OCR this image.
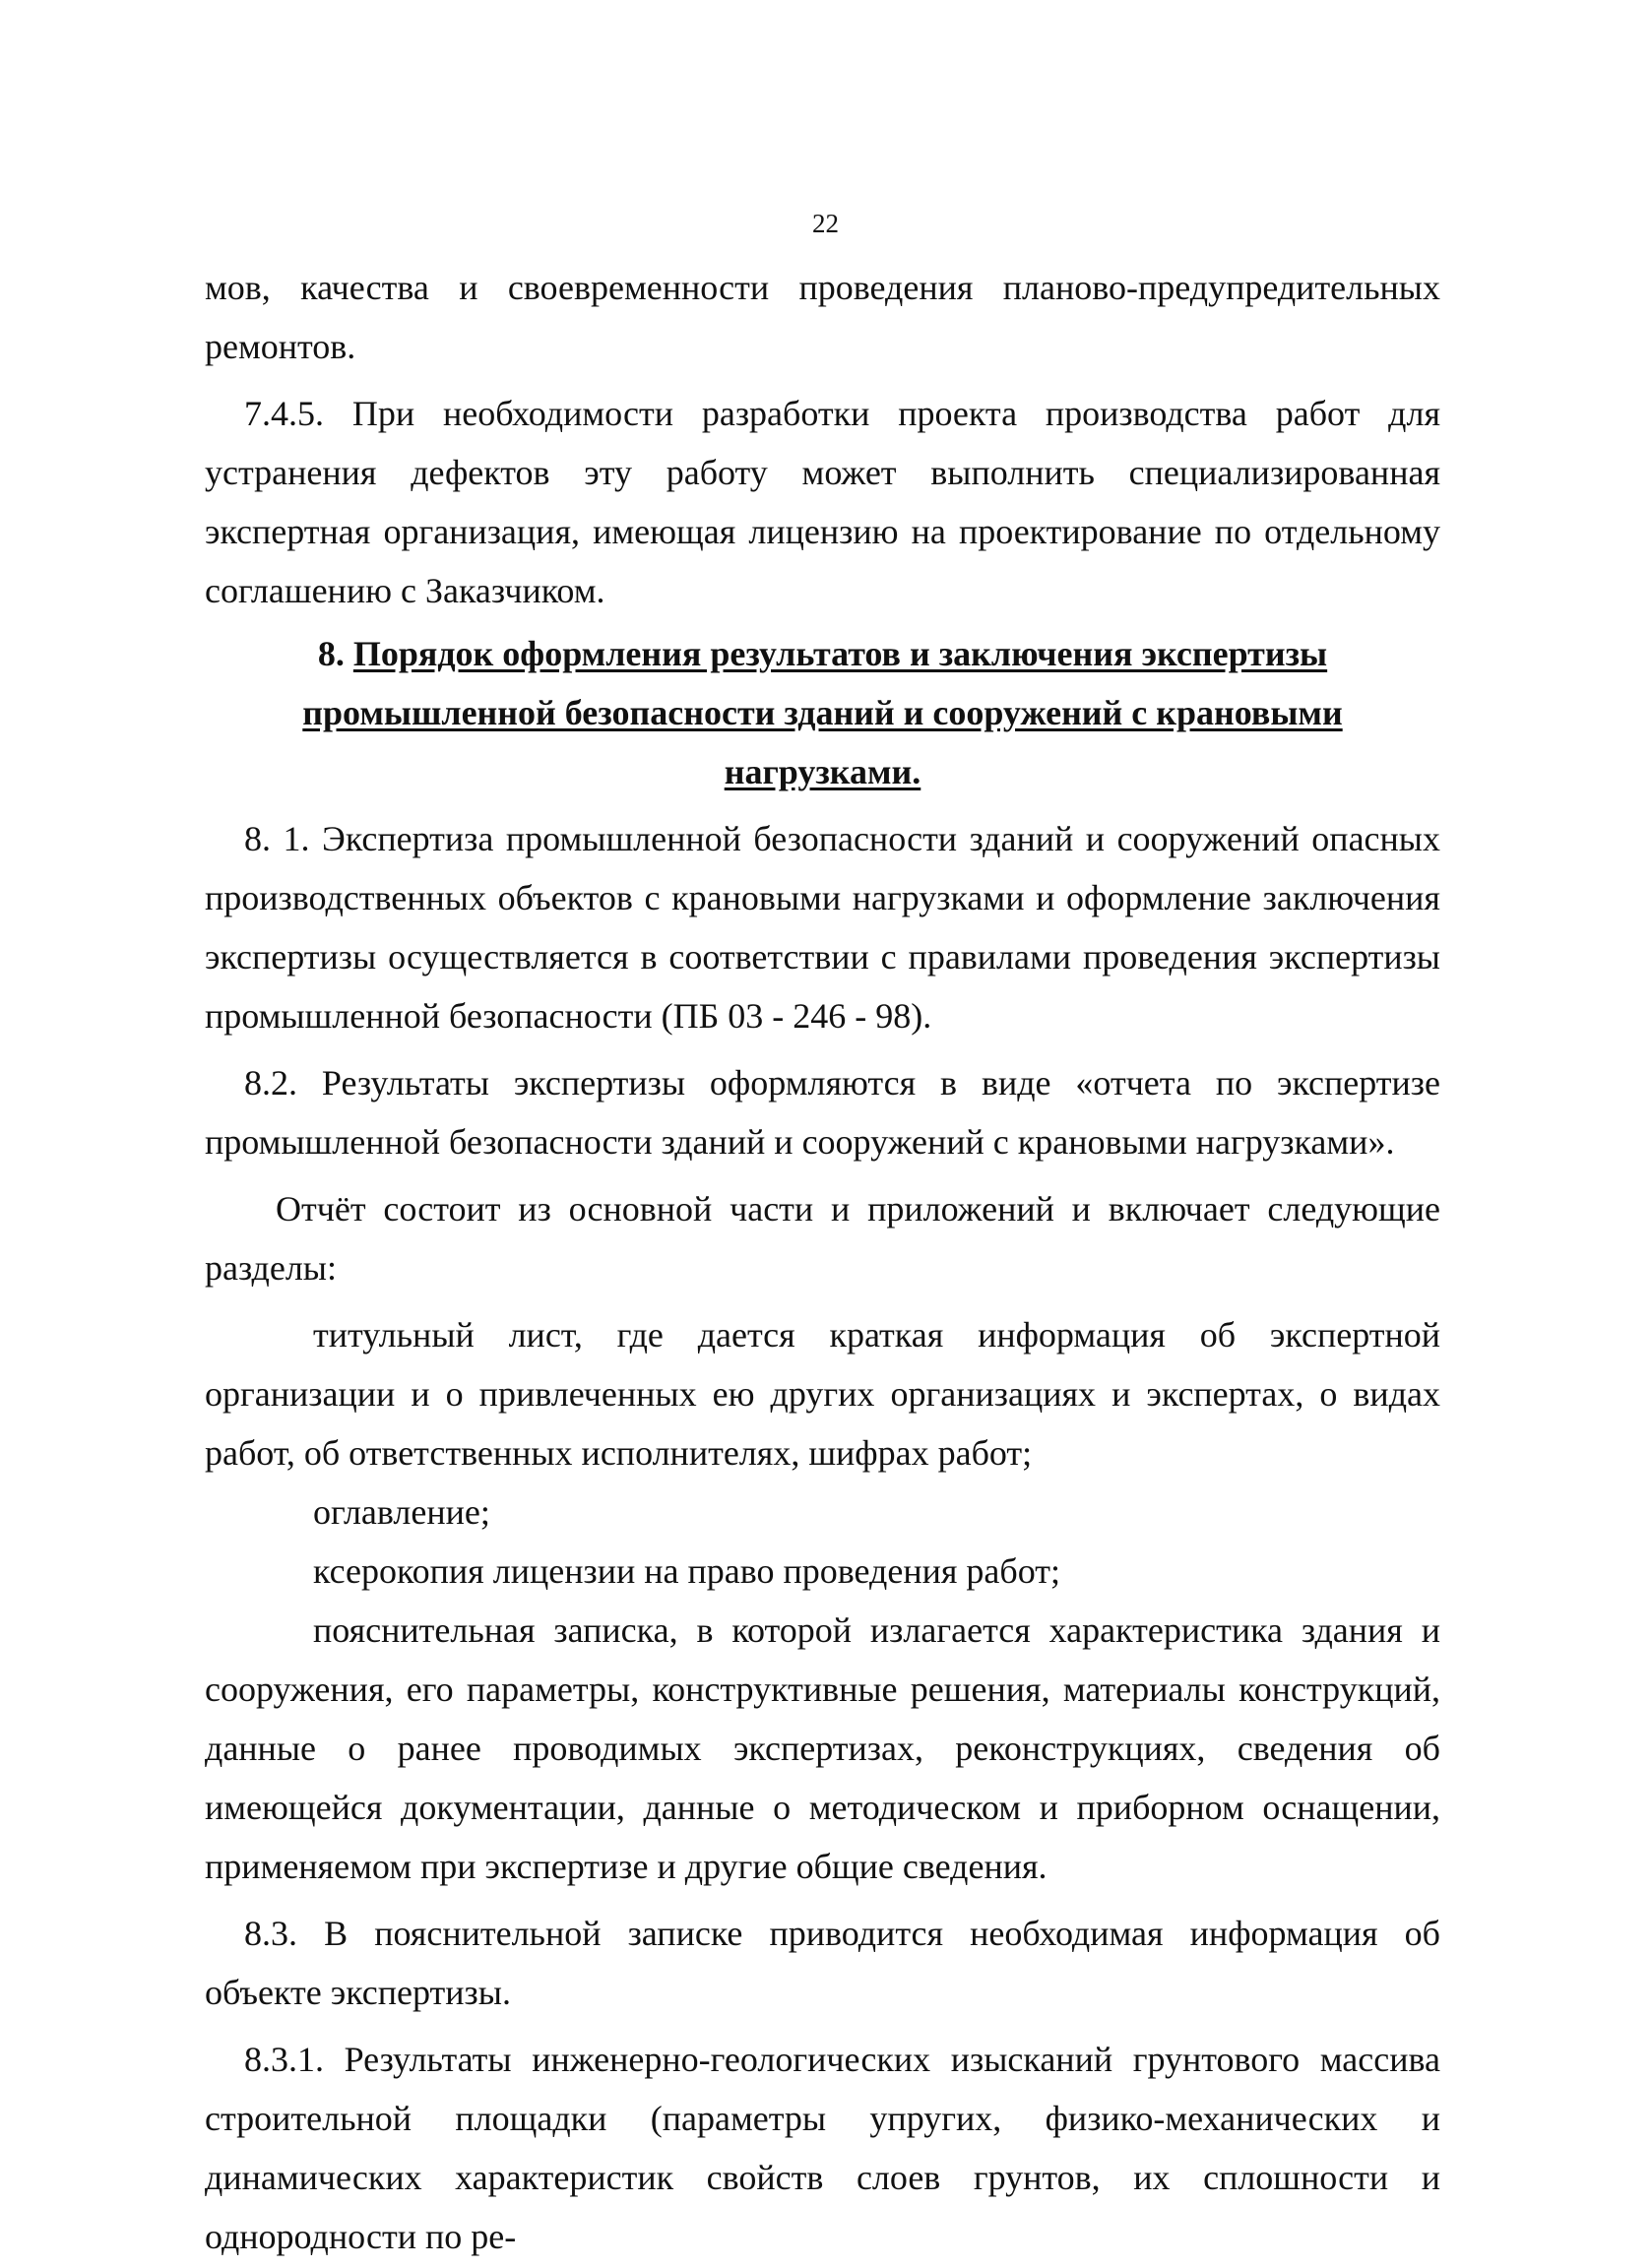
22

мов, качества и своевременности проведения планово-предупредительных ремонтов.

7.4.5. При необходимости разработки проекта производства работ для устранения дефектов эту работу может выполнить специализированная экспертная организация, имеющая лицензию на проектирование по отдельному соглашению с Заказчиком.

8. Порядок оформления результатов и заключения экспертизы промышленной безопасности зданий и сооружений с крановыми нагрузками.

8. 1. Экспертиза промышленной безопасности зданий и сооружений опасных производственных объектов с крановыми нагрузками и оформление заключения экспертизы осуществляется в соответствии с правилами проведения экспертизы промышленной безопасности (ПБ 03 - 246 - 98).

8.2. Результаты экспертизы оформляются в виде «отчета по экспертизе промышленной безопасности зданий и сооружений с крановыми нагрузками».

Отчёт состоит из основной части и приложений и включает следующие разделы:

титульный лист, где дается краткая информация об экспертной организации и о привлеченных ею других организациях и экспертах, о видах работ, об ответственных исполнителях, шифрах работ;

оглавление;

ксерокопия лицензии на право проведения работ;

пояснительная записка, в которой излагается характеристика здания и сооружения, его параметры, конструктивные решения, материалы конструкций, данные о ранее проводимых экспертизах, реконструкциях, сведения об имеющейся документации, данные о методическом и приборном оснащении, применяемом при экспертизе и другие общие сведения.

8.3. В пояснительной записке приводится необходимая информация об объекте экспертизы.

8.3.1. Результаты инженерно-геологических изысканий грунтового массива строительной площадки (параметры упругих, физико-механических и динамических характеристик свойств слоев грунтов, их сплошности и однородности по ре-
